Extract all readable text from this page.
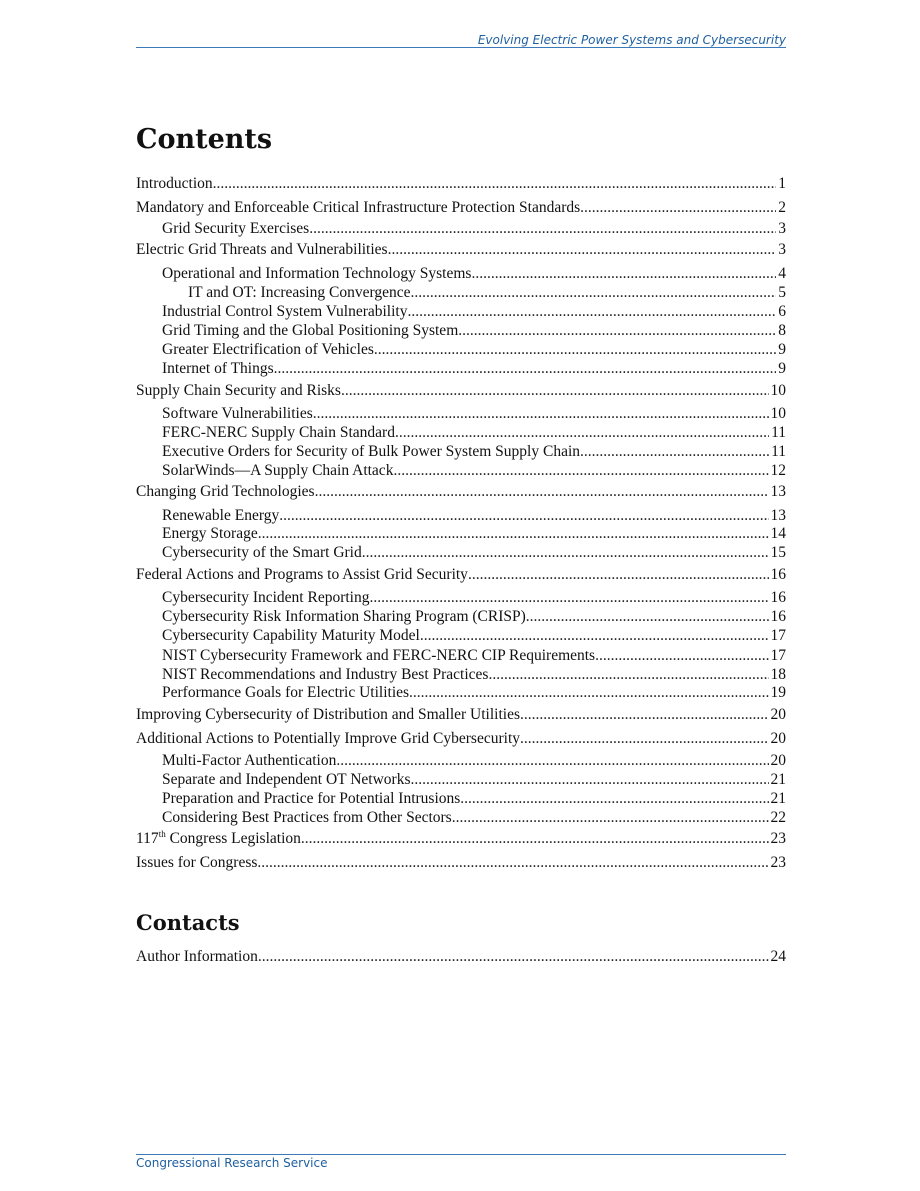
Evolving Electric Power Systems and Cybersecurity
Contents
Introduction .....	1
Mandatory and Enforceable Critical Infrastructure Protection Standards .....	2
Grid Security Exercises .....	3
Electric Grid Threats and Vulnerabilities .....	3
Operational and Information Technology Systems .....	4
IT and OT: Increasing Convergence .....	5
Industrial Control System Vulnerability .....	6
Grid Timing and the Global Positioning System .....	8
Greater Electrification of Vehicles .....	9
Internet of Things .....	9
Supply Chain Security and Risks .....	10
Software Vulnerabilities .....	10
FERC-NERC Supply Chain Standard .....	11
Executive Orders for Security of Bulk Power System Supply Chain .....	11
SolarWinds—A Supply Chain Attack .....	12
Changing Grid Technologies .....	13
Renewable Energy .....	13
Energy Storage .....	14
Cybersecurity of the Smart Grid .....	15
Federal Actions and Programs to Assist Grid Security .....	16
Cybersecurity Incident Reporting .....	16
Cybersecurity Risk Information Sharing Program (CRISP) .....	16
Cybersecurity Capability Maturity Model .....	17
NIST Cybersecurity Framework and FERC-NERC CIP Requirements .....	17
NIST Recommendations and Industry Best Practices .....	18
Performance Goals for Electric Utilities .....	19
Improving Cybersecurity of Distribution and Smaller Utilities .....	20
Additional Actions to Potentially Improve Grid Cybersecurity .....	20
Multi-Factor Authentication .....	20
Separate and Independent OT Networks .....	21
Preparation and Practice for Potential Intrusions .....	21
Considering Best Practices from Other Sectors .....	22
117th Congress Legislation .....	23
Issues for Congress .....	23
Contacts
Author Information .....	24
Congressional Research Service
